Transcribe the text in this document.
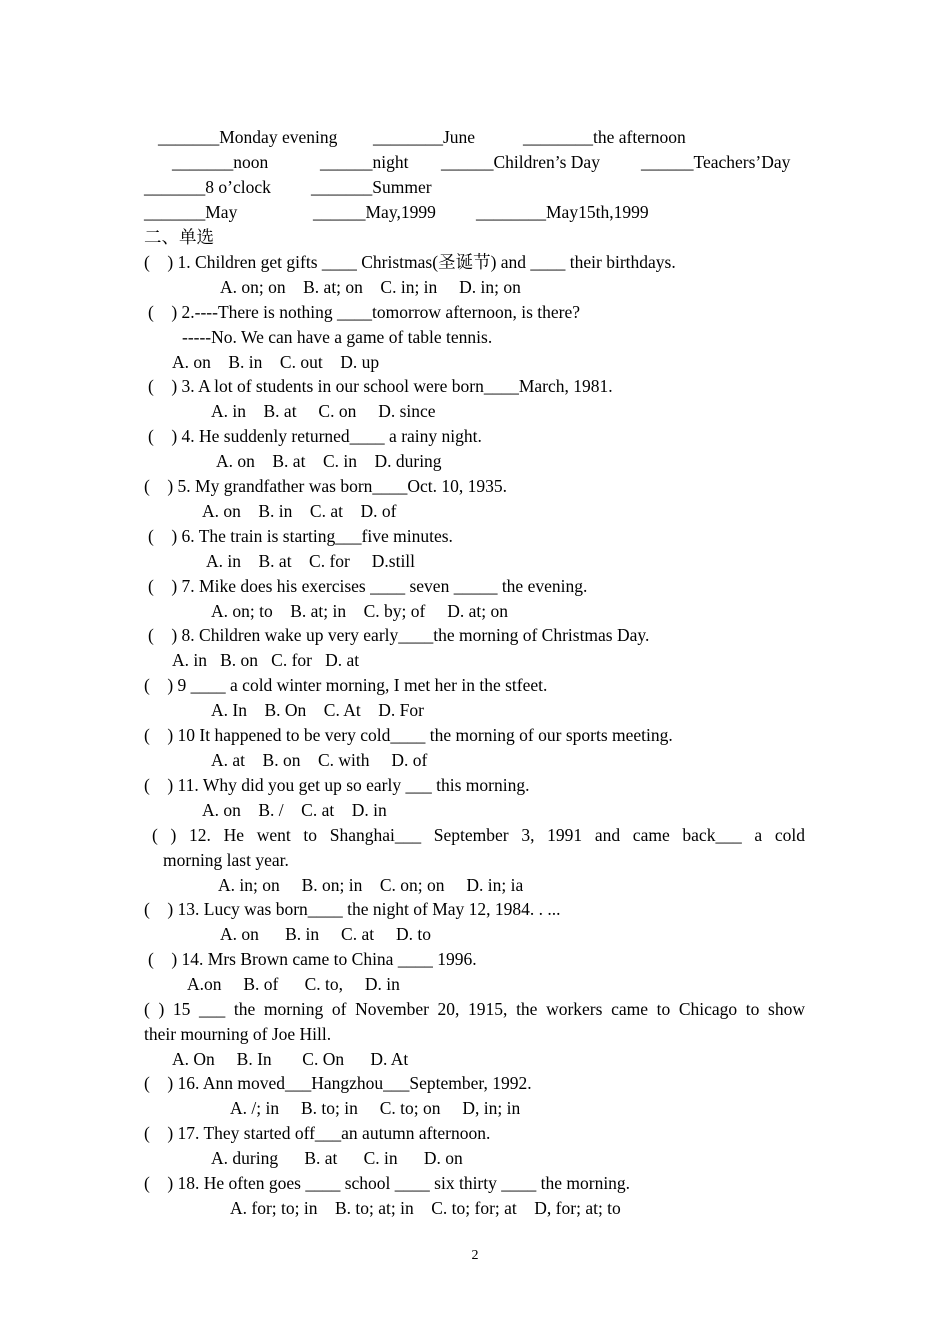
_______Monday evening ________June	________the afternoon
_______noon	______night ______Children’s Day ______Teachers’Day
_______8 o’clock _______Summer
_______May	______May,1999 ________May15th,1999
二、单选
(    ) 1. Children get gifts ____ Christmas(圣诞节) and ____ their birthdays.
A. on; on    B. at; on    C. in; in     D. in; on
(    ) 2.----There is nothing ____tomorrow afternoon, is there?
-----No. We can have a game of table tennis.
A. on    B. in    C. out    D. up
(    ) 3. A lot of students in our school were born____March, 1981.
A. in    B. at     C. on     D. since
(    ) 4. He suddenly returned____ a rainy night.
A. on    B. at    C. in    D. during
(    ) 5. My grandfather was born____Oct. 10, 1935.
A. on    B. in    C. at    D. of
(    ) 6. The train is starting___five minutes.
A. in    B. at    C. for     D.still
(    ) 7. Mike does his exercises ____ seven _____ the evening.
A. on; to    B. at; in    C. by; of     D. at; on
(    ) 8. Children wake up very early____the morning of Christmas Day.
A. in   B. on   C. for   D. at
(    ) 9 ____ a cold winter morning, I met her in the stfeet.
A. In    B. On    C. At    D. For
(    ) 10 It happened to be very cold____ the morning of our sports meeting.
A. at    B. on    C. with     D. of
(    ) 11. Why did you get up so early ___ this morning.
A. on    B. /    C. at    D. in
( ) 12. He went to Shanghai___ September 3, 1991 and came back___ a cold
morning last year.
A. in; on     B. on; in    C. on; on     D. in; ia
(    ) 13. Lucy was born____ the night of May 12, 1984. . ...
A. on      B. in     C. at     D. to
(    ) 14. Mrs Brown came to China ____ 1996.
A.on     B. of      C. to,     D. in
( ) 15 ___ the morning of November 20, 1915, the workers came to Chicago to show
their mourning of Joe Hill.
A. On     B. In       C. On      D. At
(    ) 16. Ann moved___Hangzhou___September, 1992.
A. /; in     B. to; in     C. to; on     D, in; in
(    ) 17. They started off___an autumn afternoon.
A. during      B. at      C. in      D. on
(    ) 18. He often goes ____ school ____ six thirty ____ the morning.
A. for; to; in    B. to; at; in    C. to; for; at    D, for; at; to
2
